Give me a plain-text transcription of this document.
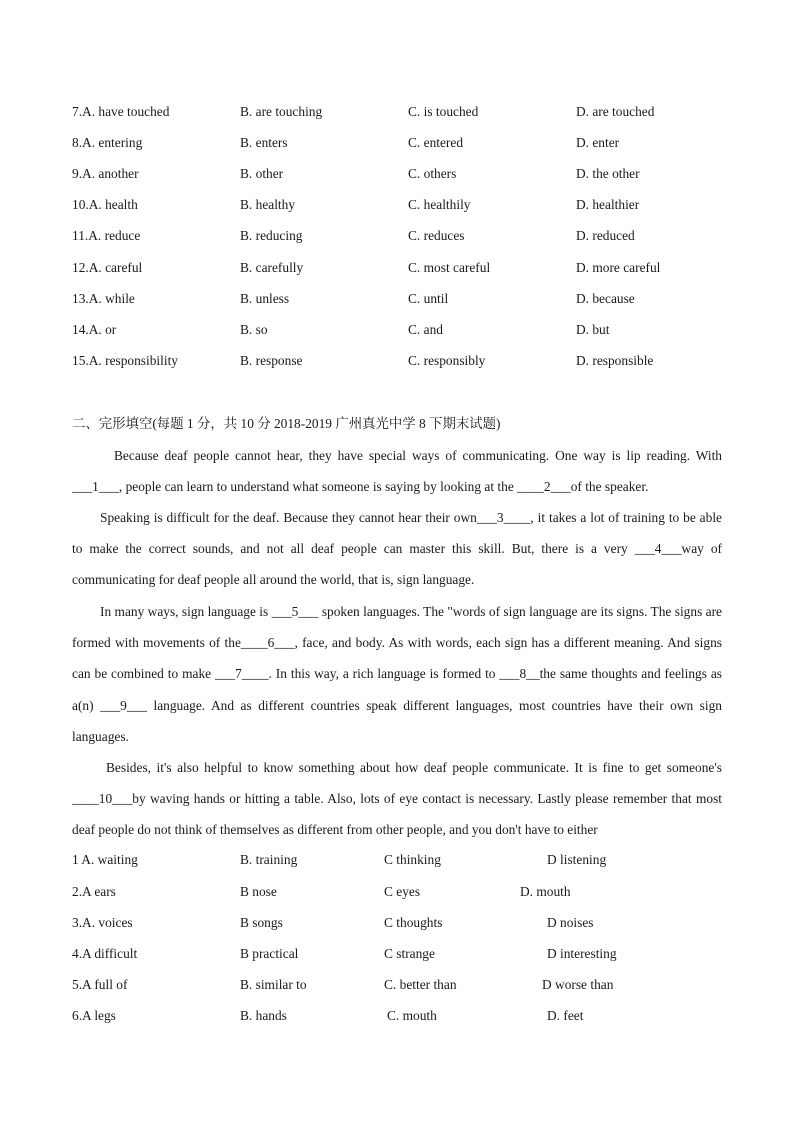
7.A. have touched	B. are touching	C. is touched	D. are touched
8.A. entering	B. enters	C. entered	D. enter
9.A. another	B. other	C. others	D. the other
10.A. health	B. healthy	C. healthily	D. healthier
11.A. reduce	B. reducing	C. reduces	D. reduced
12.A. careful	B. carefully	C. most careful	D. more careful
13.A. while	B. unless	C. until	D. because
14.A. or	B. so	C. and	D. but
15.A. responsibility	B. response	C. responsibly	D. responsible
二、完形填空(每题 1 分，共 10 分 2018-2019 广州真光中学 8 下期末试题)

Because deaf people cannot hear, they have special ways of communicating. One way is lip reading. With ___1___, people can learn to understand what someone is saying by looking at the ____2___of the speaker.

Speaking is difficult for the deaf. Because they cannot hear their own___3____, it takes a lot of training to be able to make the correct sounds, and not all deaf people can master this skill. But, there is a very ___4___way of communicating for deaf people all around the world, that is, sign language.

In many ways, sign language is ___5___ spoken languages. The "words of sign language are its signs. The signs are formed with movements of the____6___, face, and body. As with words, each sign has a different meaning. And signs can be combined to make ___7____. In this way, a rich language is formed to ___8__the same thoughts and feelings as a(n) ___9___ language. And as different countries speak different languages, most countries have their own sign languages.

Besides, it's also helpful to know something about how deaf people communicate. It is fine to get someone's ____10___by waving hands or hitting a table. Also, lots of eye contact is necessary. Lastly please remember that most deaf people do not think of themselves as different from other people, and you don't have to either

1 A. waiting	B. training	C thinking	D listening
2.A ears	B nose	C eyes	D. mouth
3.A. voices	B songs	C thoughts	D noises
4.A difficult	B practical	C strange	D interesting
5.A full of	B. similar to	C. better than	D worse than
6.A legs	B. hands	C. mouth	D. feet
